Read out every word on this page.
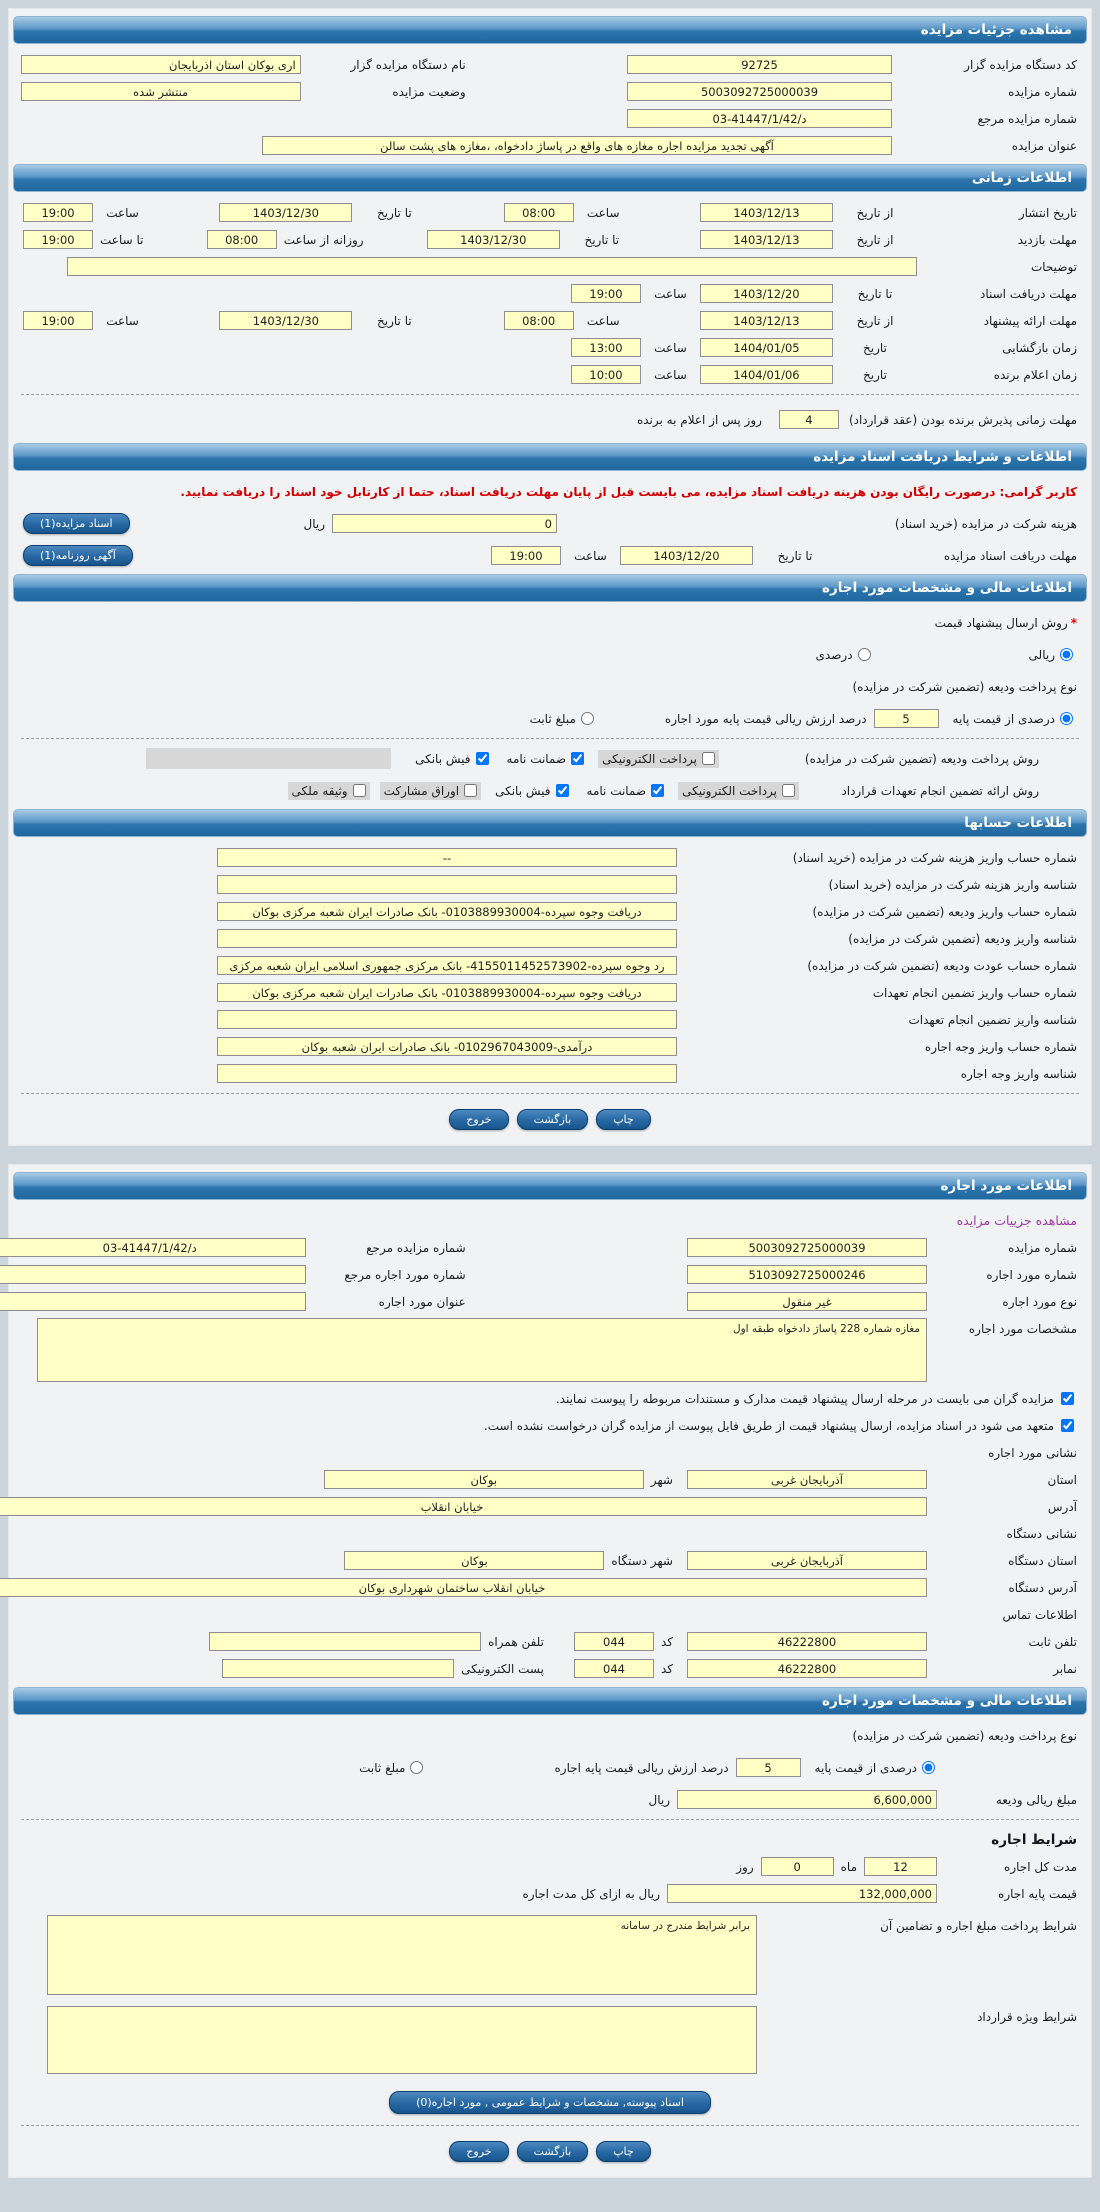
مشاهده جزئیات مزایده
کد دستگاه مزایده گزار
92725
نام دستگاه مزایده گزار
اری بوکان استان اذربایجان
شماره مزایده
5003092725000039
وضعیت مزایده
منتشر شده
شماره مزایده مرجع
د/41447/1/42-03
عنوان مزایده
آگهی تجدید مزایده اجاره مغازه های واقع در پاساژ دادخواه، ،مغازه های پشت سالن
اطلاعات زمانی
تاریخ انتشار
از تاریخ
1403/12/13
ساعت
08:00
تا تاریخ
1403/12/30
ساعت
19:00
مهلت بازدید
از تاریخ
1403/12/13
تا تاریخ
1403/12/30
روزانه از ساعت
08:00
تا ساعت
19:00
توضیحات
مهلت دریافت اسناد
تا تاریخ
1403/12/20
ساعت
19:00
مهلت ارائه پیشنهاد
از تاریخ
1403/12/13
ساعت
08:00
تا تاریخ
1403/12/30
ساعت
19:00
زمان بازگشایی
تاریخ
1404/01/05
ساعت
13:00
زمان اعلام برنده
تاریخ
1404/01/06
ساعت
10:00
مهلت زمانی پذیرش برنده بودن (عقد قرارداد)
4
روز پس از اعلام به برنده
اطلاعات و شرایط دریافت اسناد مزایده
کاربر گرامی: درصورت رایگان بودن هزینه دریافت اسناد مزایده، می بایست قبل از پایان مهلت دریافت اسناد، حتما از کارتابل خود اسناد را دریافت نمایید.
هزینه شرکت در مزایده (خرید اسناد)
0
ریال
اسناد مزایده(1)
مهلت دریافت اسناد مزایده
تا تاریخ
1403/12/20
ساعت
19:00
آگهی روزنامه(1)
اطلاعات مالی و مشخصات مورد اجاره
*
روش ارسال پیشنهاد قیمت
ریالی
درصدی
نوع پرداخت ودیعه (تضمین شرکت در مزایده)
درصدی از قیمت پایه
5
درصد ارزش ریالی قیمت پایه مورد اجاره
مبلغ ثابت
روش پرداخت ودیعه (تضمین شرکت در مزایده)
پرداخت الکترونیکی
ضمانت نامه
فیش بانکی
روش ارائه تضمین انجام تعهدات قرارداد
پرداخت الکترونیکی
ضمانت نامه
فیش بانکی
اوراق مشارکت
وثیقه ملکی
اطلاعات حسابها
شماره حساب واریز هزینه شرکت در مزایده (خرید اسناد)
--
شناسه واریز هزینه شرکت در مزایده (خرید اسناد)
شماره حساب واریز ودیعه (تضمین شرکت در مزایده)
دریافت وجوه سپرده-0103889930004- بانک صادرات ایران شعبه مرکزی بوکان
شناسه واریز ودیعه (تضمین شرکت در مزایده)
شماره حساب عودت ودیعه (تضمین شرکت در مزایده)
رد وجوه سپرده-4155011452573902- بانک مرکزی جمهوری اسلامی ایران شعبه مرکزی
شماره حساب واریز تضمین انجام تعهدات
دریافت وجوه سپرده-0103889930004- بانک صادرات ایران شعبه مرکزی بوکان
شناسه واریز تضمین انجام تعهدات
شماره حساب واریز وجه اجاره
درآمدی-0102967043009- بانک صادرات ایران شعبه بوکان
شناسه واریز وجه اجاره
چاپ
بازگشت
خروج
اطلاعات مورد اجاره
مشاهده جزییات مزایده
شماره مزایده
5003092725000039
شماره مزایده مرجع
د/41447/1/42-03
شماره مورد اجاره
5103092725000246
شماره مورد اجاره مرجع
نوع مورد اجاره
غیر منقول
عنوان مورد اجاره
مشخصات مورد اجاره
مغازه شماره 228 پاساژ دادخواه طبقه اول
مزایده گران می بایست در مرحله ارسال پیشنهاد قیمت مدارک و مستندات مربوطه را پیوست نمایند.
متعهد می شود در اسناد مزایده، ارسال پیشنهاد قیمت از طریق فایل پیوست از مزایده گران درخواست نشده است.
نشانی مورد اجاره
استان
آذربایجان غربی
شهر
بوکان
آدرس
خیابان انقلاب
نشانی دستگاه
استان دستگاه
آذربایجان غربی
شهر دستگاه
بوکان
آدرس دستگاه
خیابان انقلاب ساختمان شهرداری بوکان
اطلاعات تماس
تلفن ثابت
46222800
کد
044
تلفن همراه
نمابر
46222800
کد
044
پست الکترونیکی
اطلاعات مالی و مشخصات مورد اجاره
نوع پرداخت ودیعه (تضمین شرکت در مزایده)
درصدی از قیمت پایه
5
درصد ارزش ریالی قیمت پایه اجاره
مبلغ ثابت
مبلغ ریالی ودیعه
6,600,000
ریال
شرایط اجاره
مدت کل اجاره
12
ماه
0
روز
قیمت پایه اجاره
132,000,000
ریال به ازای کل مدت اجاره
شرایط پرداخت مبلغ اجاره و تضامین آن
برابر شرایط مندرج در سامانه
شرایط ویژه قرارداد
اسناد پیوسته, مشخصات و شرایط عمومی , مورد اجاره(0)
چاپ
بازگشت
خروج
